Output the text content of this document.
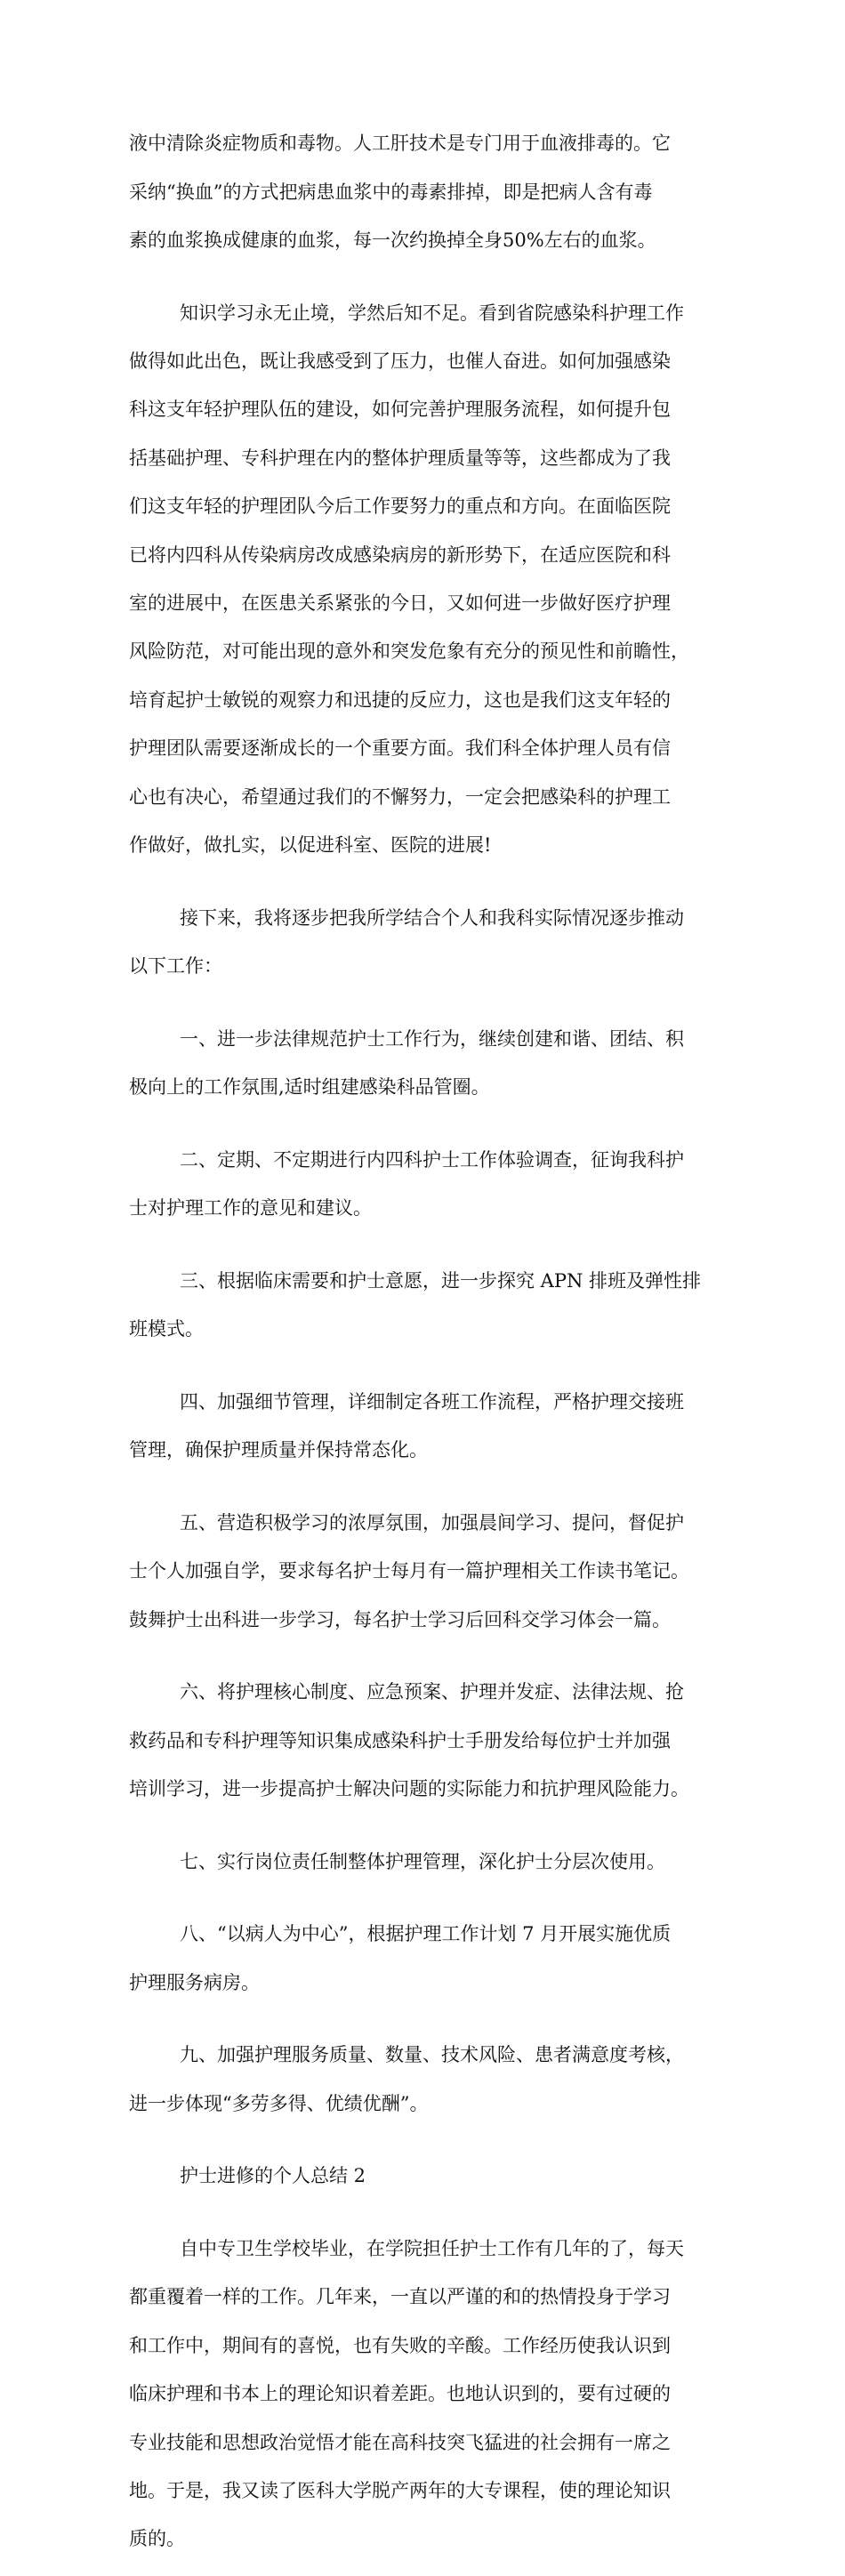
液中清除炎症物质和毒物。人工肝技术是专门用于血液排毒的。它

采纳“换血”的方式把病患血浆中的毒素排掉，即是把病人含有毒

素的血浆换成健康的血浆，每一次约换掉全身50%左右的血浆。

知识学习永无止境，学然后知不足。看到省院感染科护理工作

做得如此出色，既让我感受到了压力，也催人奋进。如何加强感染

科这支年轻护理队伍的建设，如何完善护理服务流程，如何提升包

括基础护理、专科护理在内的整体护理质量等等，这些都成为了我

们这支年轻的护理团队今后工作要努力的重点和方向。在面临医院

已将内四科从传染病房改成感染病房的新形势下，在适应医院和科

室的进展中，在医患关系紧张的今日，又如何进一步做好医疗护理

风险防范，对可能出现的意外和突发危象有充分的预见性和前瞻性，

培育起护士敏锐的观察力和迅捷的反应力，这也是我们这支年轻的

护理团队需要逐渐成长的一个重要方面。我们科全体护理人员有信

心也有决心，希望通过我们的不懈努力，一定会把感染科的护理工

作做好，做扎实，以促进科室、医院的进展!

接下来，我将逐步把我所学结合个人和我科实际情况逐步推动

以下工作：

一、进一步法律规范护士工作行为，继续创建和谐、团结、积

极向上的工作氛围,适时组建感染科品管圈。

二、定期、不定期进行内四科护士工作体验调查，征询我科护

士对护理工作的意见和建议。

三、根据临床需要和护士意愿，进一步探究 APN 排班及弹性排

班模式。

四、加强细节管理，详细制定各班工作流程，严格护理交接班

管理，确保护理质量并保持常态化。

五、营造积极学习的浓厚氛围，加强晨间学习、提问，督促护

士个人加强自学，要求每名护士每月有一篇护理相关工作读书笔记。

鼓舞护士出科进一步学习，每名护士学习后回科交学习体会一篇。

六、将护理核心制度、应急预案、护理并发症、法律法规、抢

救药品和专科护理等知识集成感染科护士手册发给每位护士并加强

培训学习，进一步提高护士解决问题的实际能力和抗护理风险能力。

七、实行岗位责任制整体护理管理，深化护士分层次使用。

八、“以病人为中心”，根据护理工作计划 7 月开展实施优质

护理服务病房。

九、加强护理服务质量、数量、技术风险、患者满意度考核，

进一步体现“多劳多得、优绩优酬”。

护士进修的个人总结 2

自中专卫生学校毕业，在学院担任护士工作有几年的了，每天

都重覆着一样的工作。几年来，一直以严谨的和的热情投身于学习

和工作中，期间有的喜悦，也有失败的辛酸。工作经历使我认识到

临床护理和书本上的理论知识着差距。也地认识到的，要有过硬的

专业技能和思想政治觉悟才能在高科技突飞猛进的社会拥有一席之

地。于是，我又读了医科大学脱产两年的大专课程，使的理论知识

质的。
